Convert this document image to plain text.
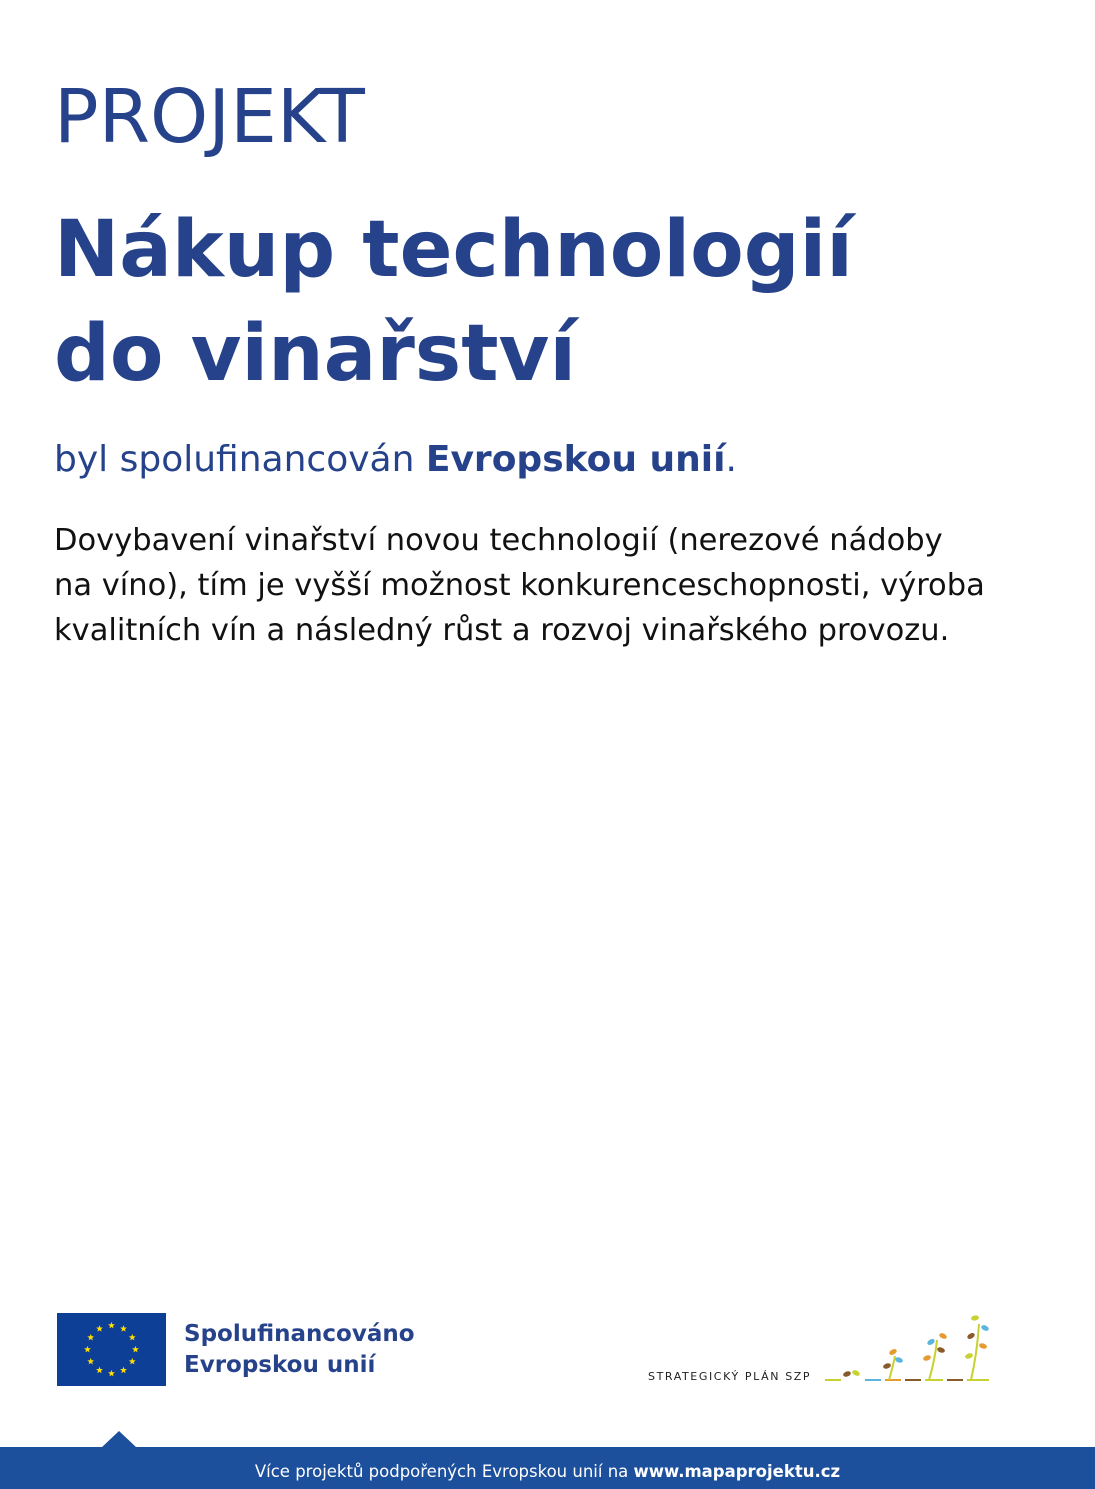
PROJEKT
Nákup technologií
do vinařství
byl spolufinancován Evropskou unií.
Dovybavení vinařství novou technologií (nerezové nádoby
na víno), tím je vyšší možnost konkurenceschopnosti, výroba
kvalitních vín a následný růst a rozvoj vinařského provozu.
Spolufinancováno
Evropskou unií	STRATEGICKÝ PLÁN SZP
Více projektů podpořených Evropskou unií na www.mapaprojektu.cz
